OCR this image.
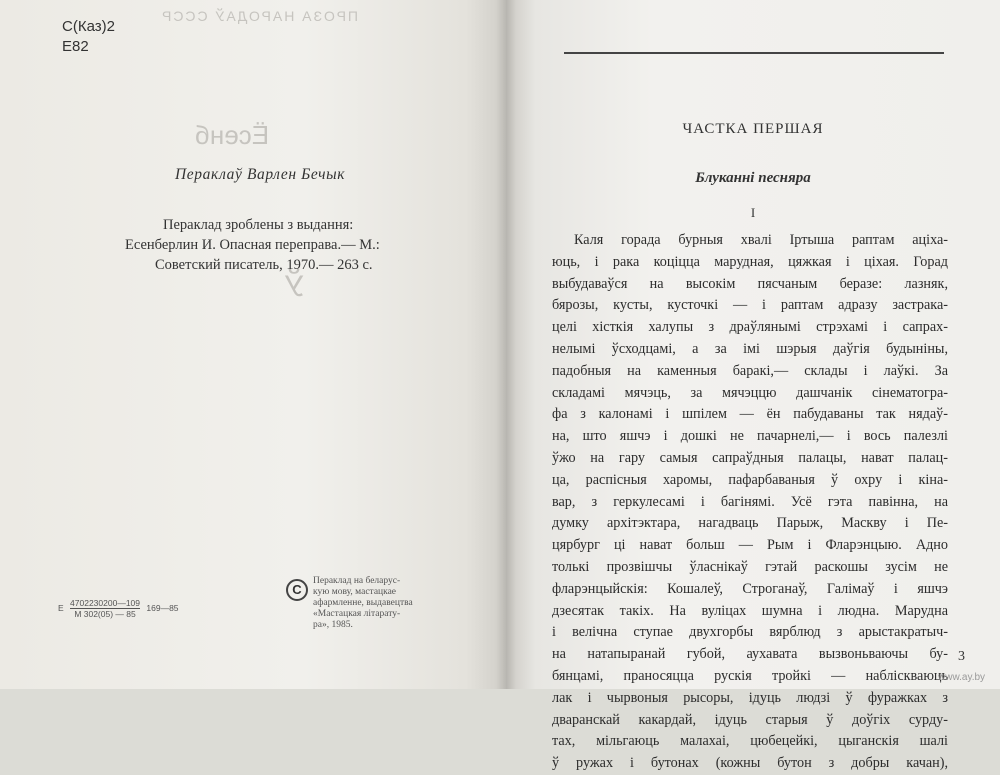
ПРОЗА НАРОДАЎ СССР
Ёсенб
Ў
С(Каз)2
Е82
Пераклаў Варлен Бечык
Пераклад зроблены з выдання:
Есенберлин И. Опасная переправа.— М.:
Советский писатель, 1970.— 263 с.
Е $\frac{4702230200—109}{М 302(05) — 85}$ 169—85
С
Пераклад на беларус-
кую мову, мастацкае
афармленне, выдавецтва
«Мастацкая літарату-
ра», 1985.
ЧАСТКА ПЕРШАЯ
Блуканні песняра
I
Каля горада бурныя хвалі Іртыша раптам аціха-
юць, і рака коціцца марудная, цяжкая і ціхая. Горад
выбудаваўся на высокім пясчаным беразе: лазняк,
бярозы, кусты, кусточкі — і раптам адразу застрака-
целі хісткія халупы з драўлянымі стрэхамі і сапрах-
нелымі ўсходцамі, а за імі шэрыя даўгія будыніны,
падобныя на каменныя баракі,— склады і лаўкі. За
складамі мячэць, за мячэццю дашчанік сінематогра-
фа з калонамі і шпілем — ён пабудаваны так нядаў-
на, што яшчэ і дошкі не пачарнелі,— і вось палезлі
ўжо на гару самыя сапраўдныя палацы, нават палац-
ца, распісныя харомы, пафарбаваныя ў охру і кіна-
вар, з геркулесамі і багінямі. Усё гэта павінна, на
думку архітэктара, нагадваць Парыж, Маскву і Пе-
цярбург ці нават больш — Рым і Фларэнцыю. Адно
толькі прозвішчы ўласнікаў гэтай раскошы зусім не
фларэнцыйскія: Кошалеў, Строганаў, Галімаў і яшчэ
дзесятак такіх. На вуліцах шумна і людна. Марудна
і велічна ступае двухгорбы вярблюд з арыстакратыч-
на натапыранай губой, аухавата вызвоньваючы бу-
бянцамі, праносяцца рускія тройкі — набліскваюць
лак і чырвоныя рысоры, ідуць людзі ў фуражках з
дваранскай какардай, ідуць старыя ў доўгіх сурду-
тах, мільгаюць малахаі, цюбецейкі, цыганскія шалі
ў ружах і бутонах (кожны бутон з добры качан),
3
www.ay.by
